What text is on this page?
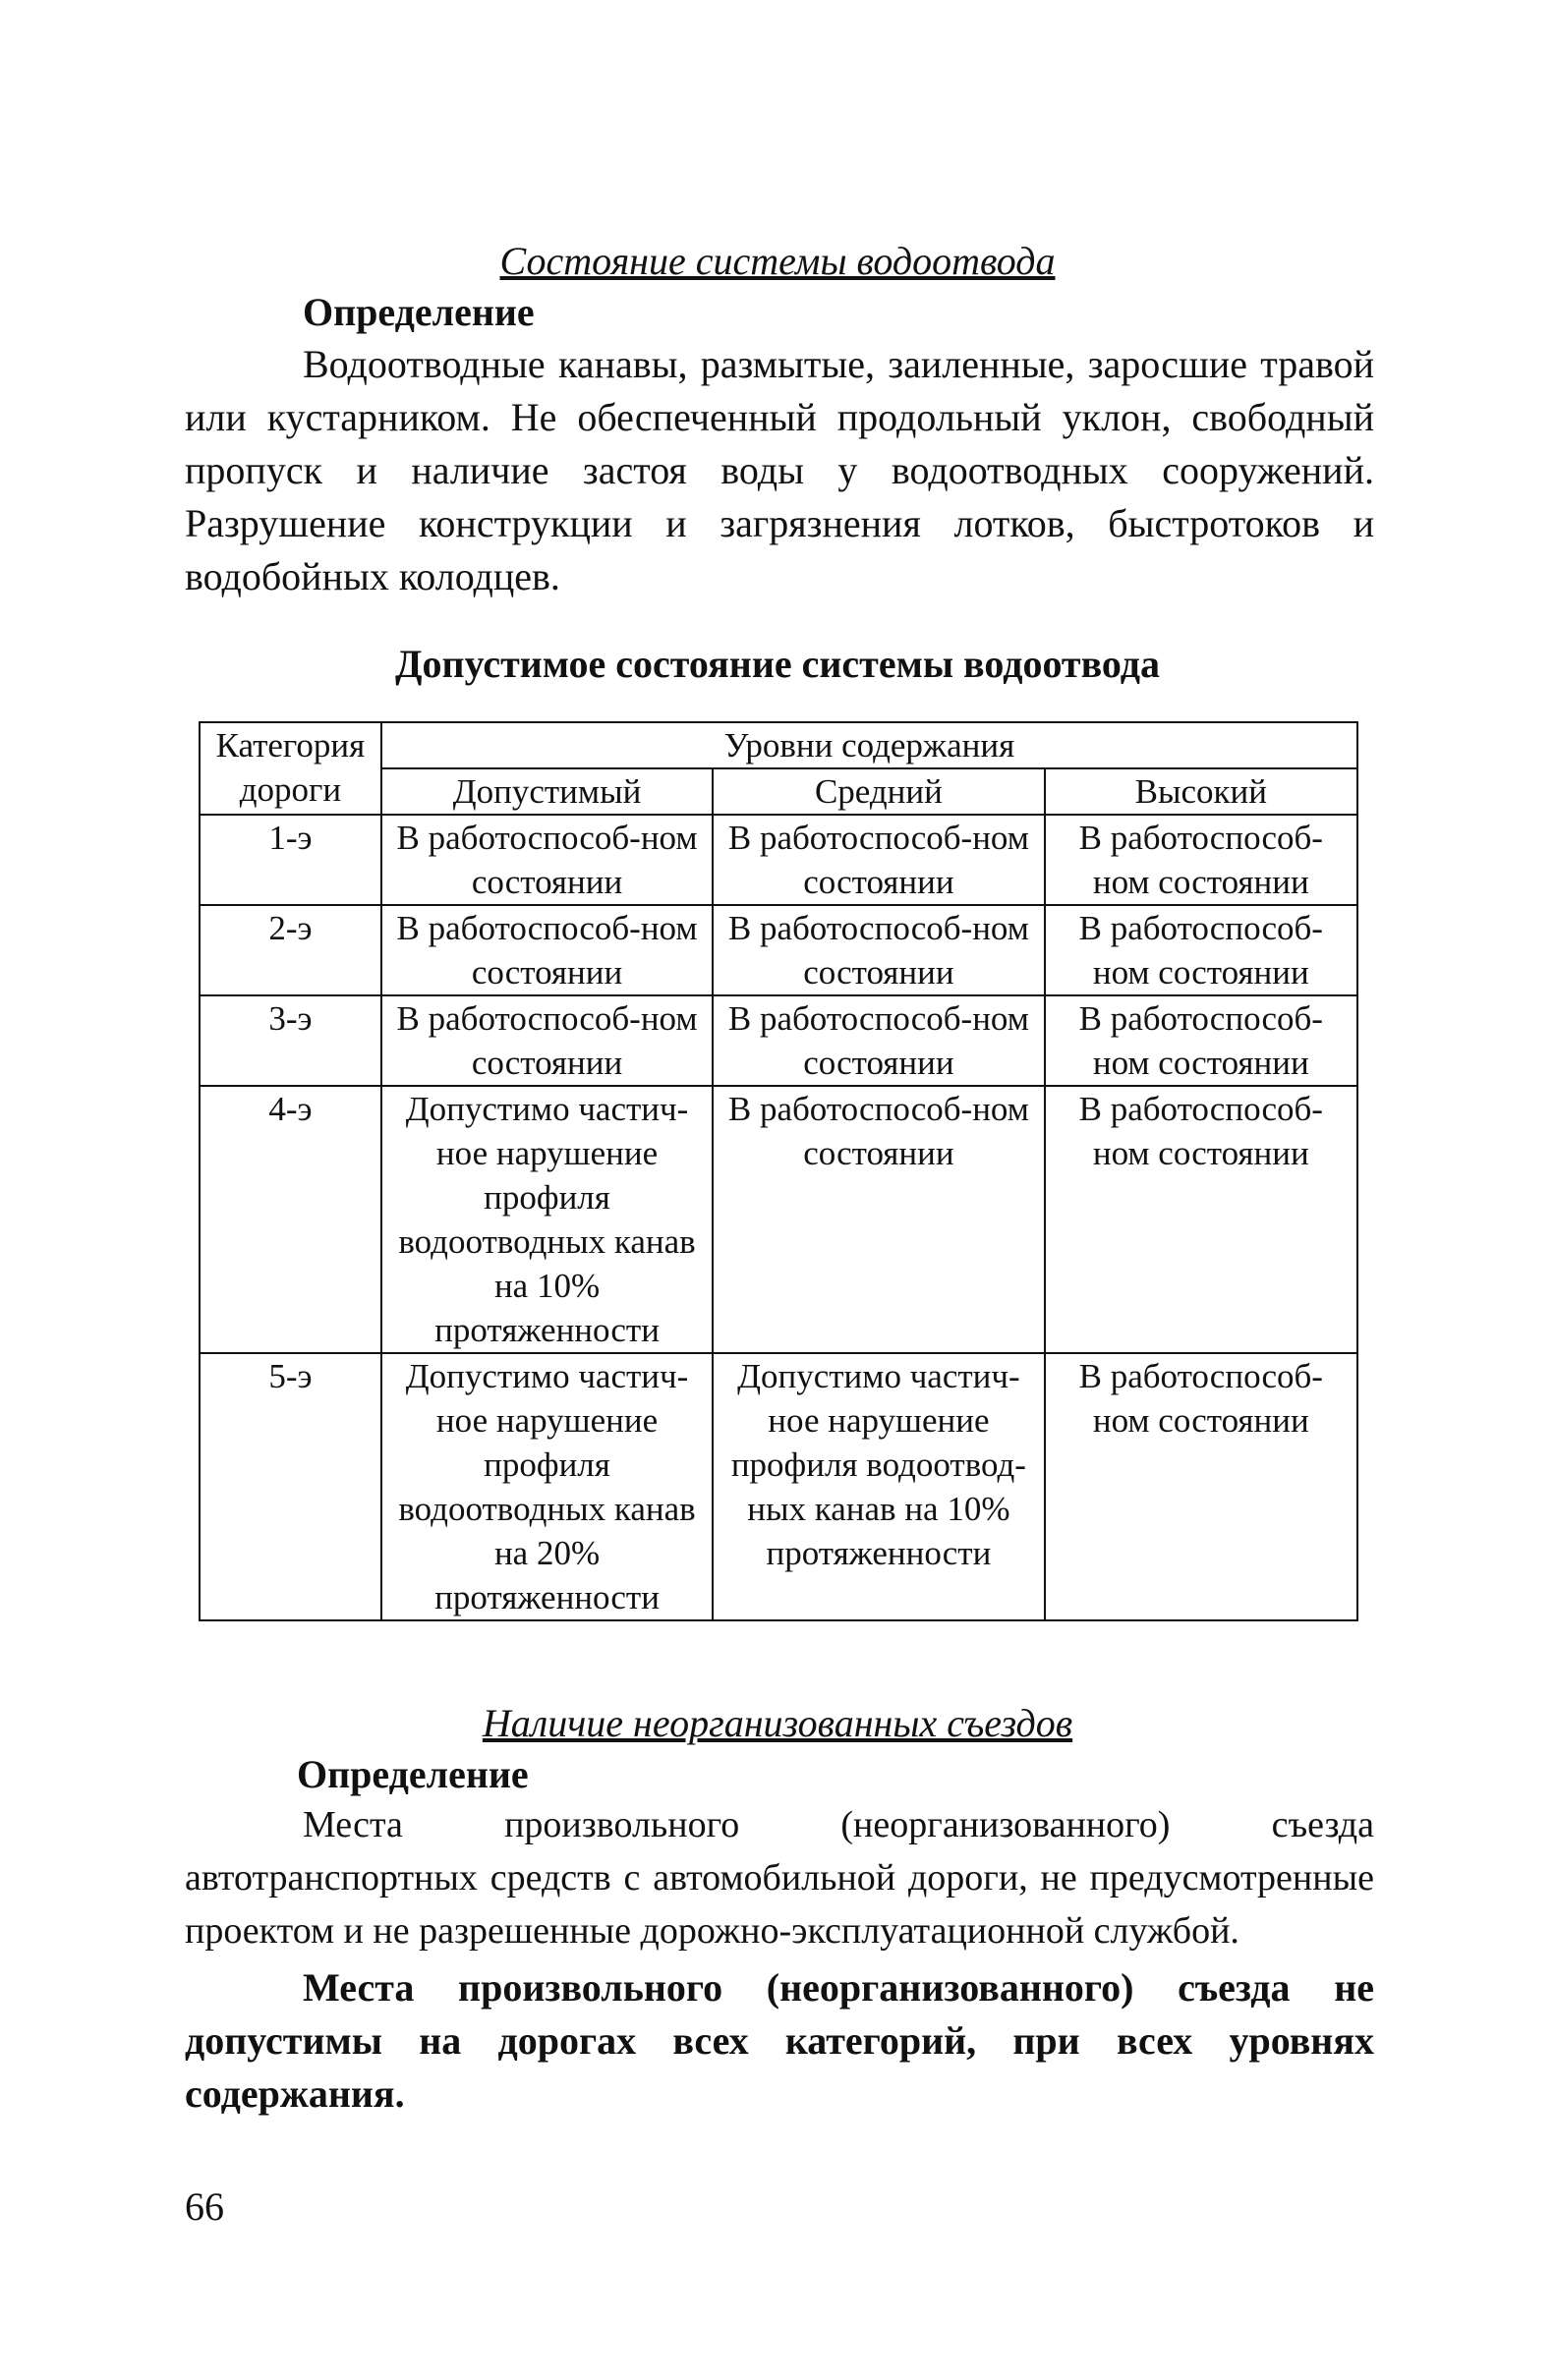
Состояние системы водоотвода
Определение

Водоотводные канавы, размытые, заиленные, заросшие травой или кустарником. Не обеспеченный продольный уклон, свободный пропуск и наличие застоя воды у водоотводных сооружений. Разрушение конструкции и загрязнения лотков, быстротоков и водобойных колодцев.

Допустимое состояние системы водоотвода
Категория дороги	Уровни содержания		
	Допустимый	Средний	Высокий
1-э	В работоспособ-ном состоянии	В работоспособ-ном состоянии	В работоспособ-ном состоянии
2-э	В работоспособ-ном состоянии	В работоспособ-ном состоянии	В работоспособ-ном состоянии
3-э	В работоспособ-ном состоянии	В работоспособ-ном состоянии	В работоспособ-ном состоянии
4-э	Допустимо частич-ное нарушение профиля водоотводных канав на 10% протяженности	В работоспособ-ном состоянии	В работоспособ-ном состоянии
5-э	Допустимо частич-ное нарушение профиля водоотводных канав на 20% протяженности	Допустимо частич-ное нарушение профиля водоотвод-ных канав на 10% протяженности	В работоспособ-ном состоянии
Наличие неорганизованных съездов
Определение

Места произвольного (неорганизованного) съезда автотранспортных средств с автомобильной дороги, не предусмотренные проектом и не разрешенные дорожно-эксплуатационной службой.

Места произвольного (неорганизованного) съезда не допустимы на дорогах всех категорий, при всех уровнях содержания.

66
